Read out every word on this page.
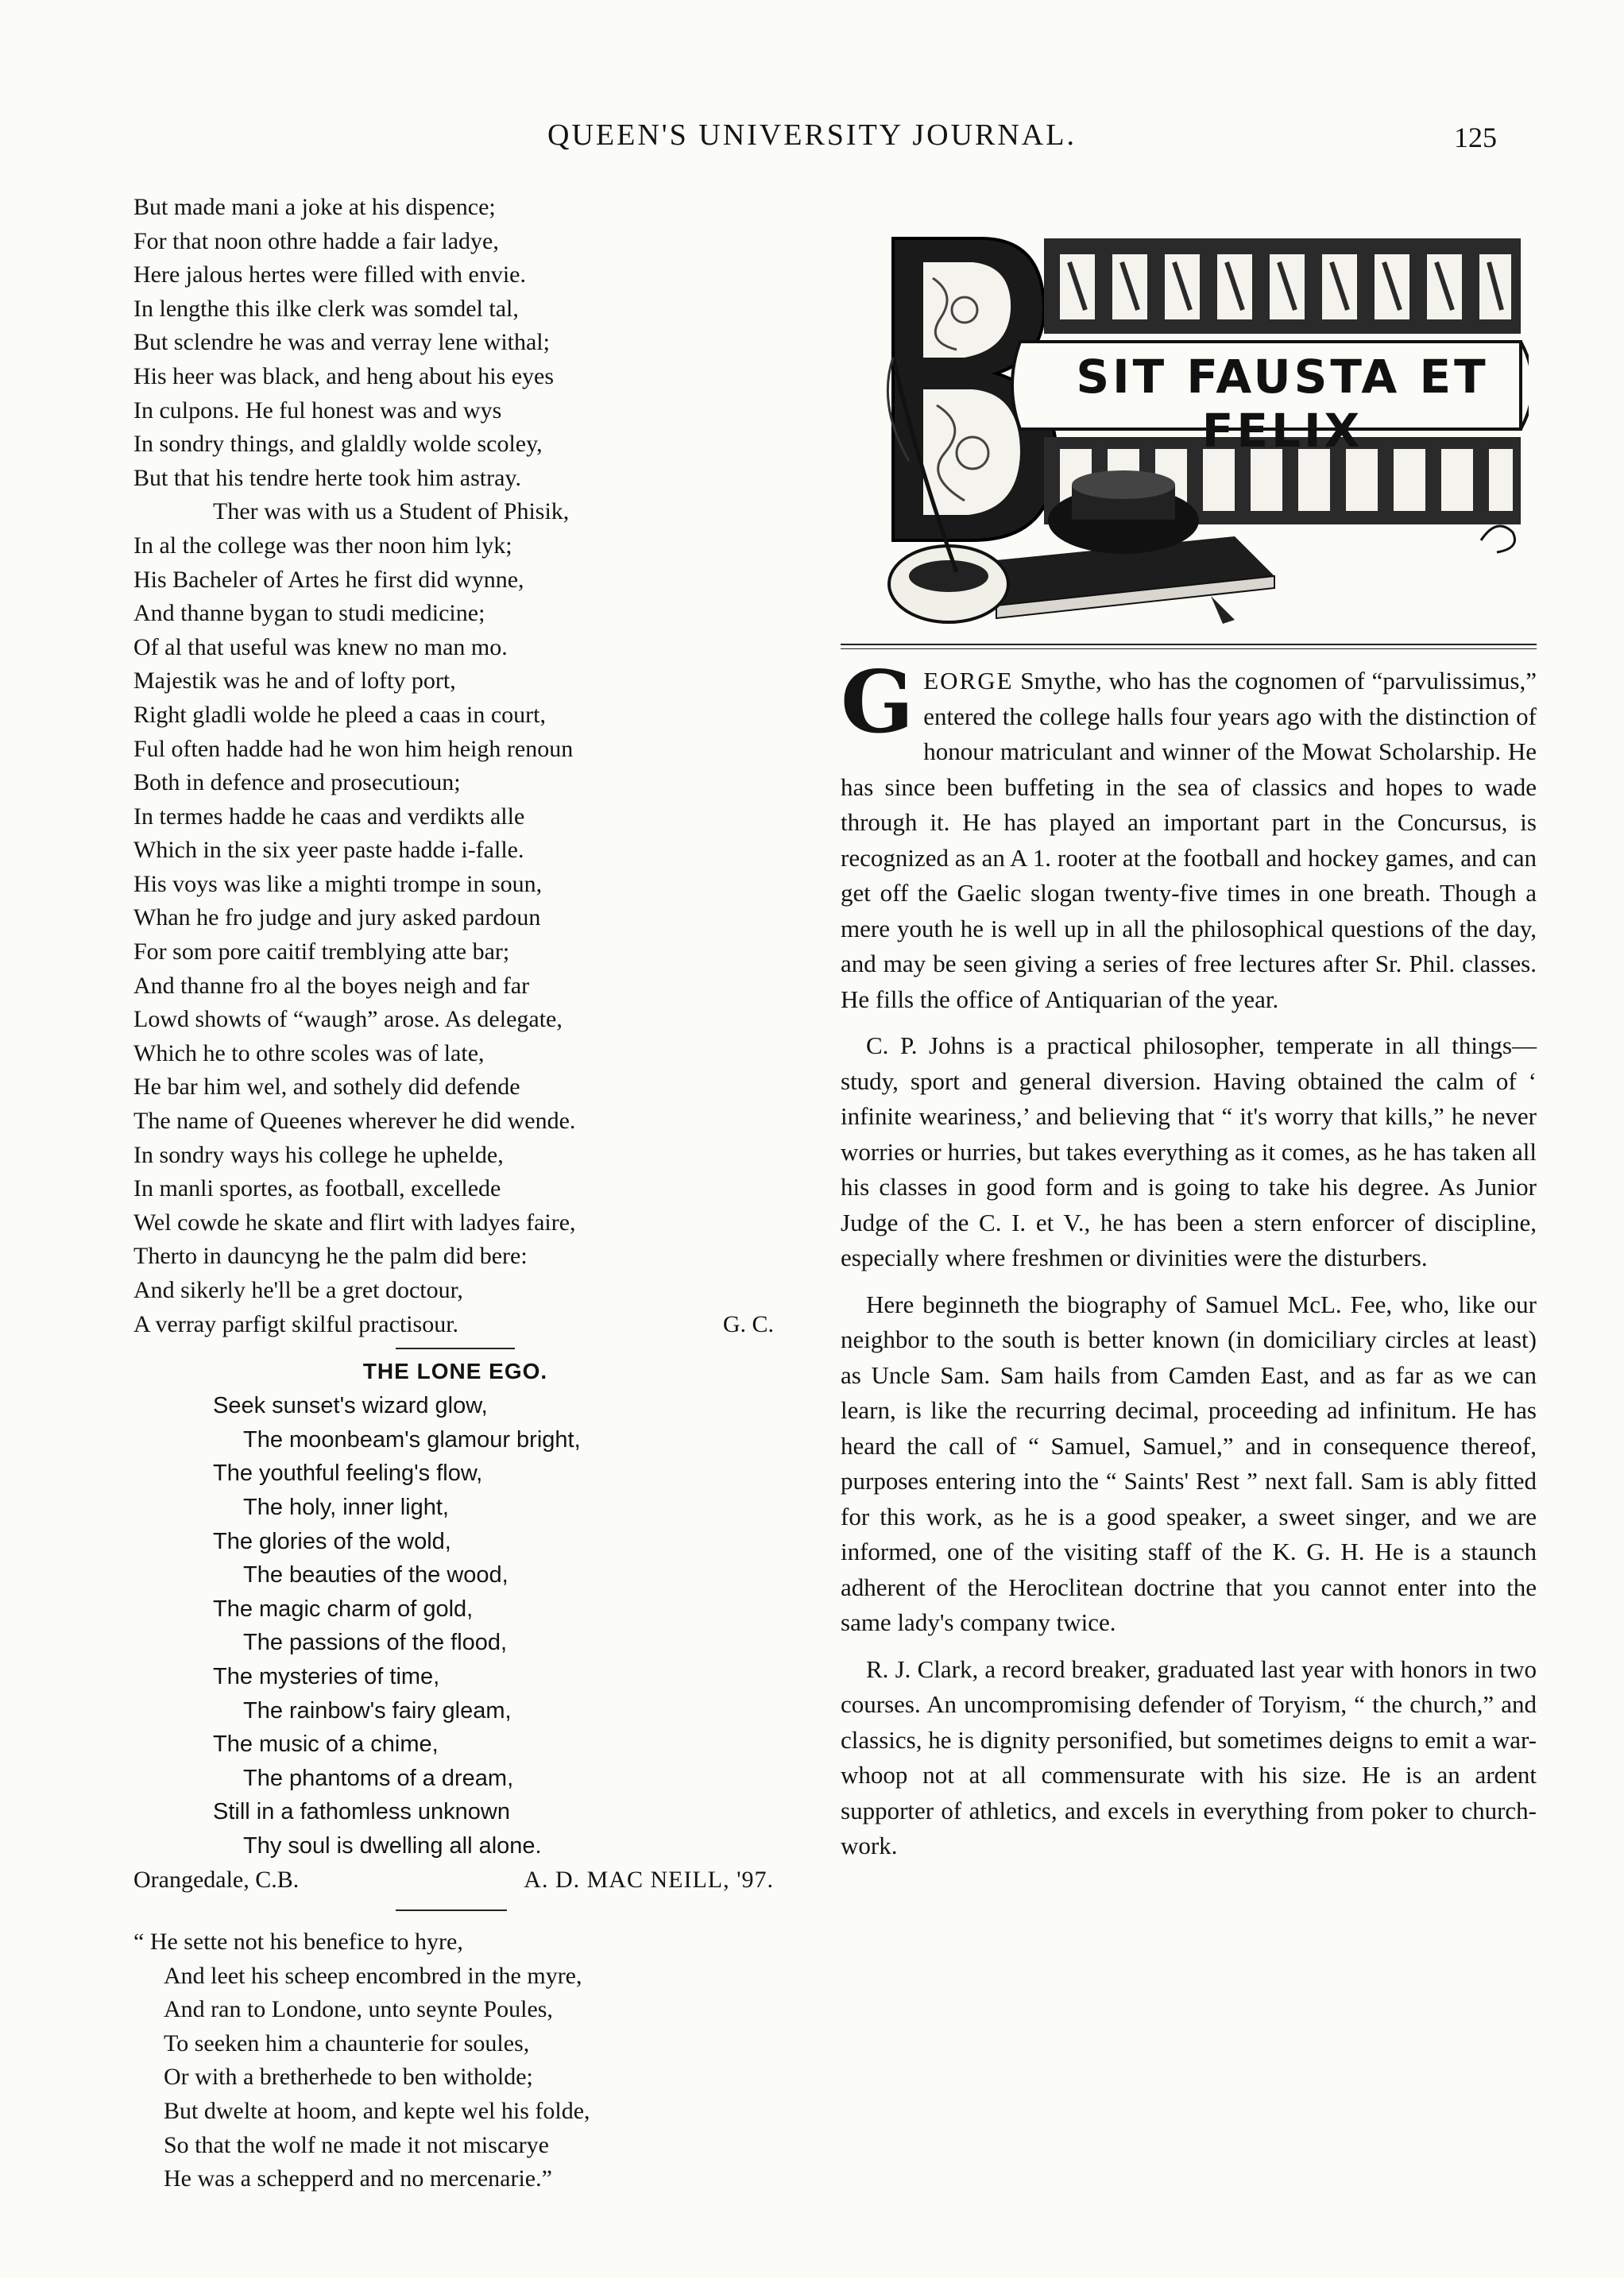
QUEEN'S UNIVERSITY JOURNAL.	125
But made mani a joke at his dispence;
For that noon othre hadde a fair ladye,
Here jalous hertes were filled with envie.
In lengthe this ilke clerk was somdel tal,
But sclendre he was and verray lene withal;
His heer was black, and heng about his eyes
In culpons. He ful honest was and wys
In sondry things, and glaldly wolde scoley,
But that his tendre herte took him astray.
Ther was with us a Student of Phisik,
In al the college was ther noon him lyk;
His Bacheler of Artes he first did wynne,
And thanne bygan to studi medicine;
Of al that useful was knew no man mo.
Majestik was he and of lofty port,
Right gladli wolde he pleed a caas in court,
Ful often hadde had he won him heigh renoun
Both in defence and prosecutioun;
In termes hadde he caas and verdikts alle
Which in the six yeer paste hadde i-falle.
His voys was like a mighti trompe in soun,
Whan he fro judge and jury asked pardoun
For som pore caitif tremblying atte bar;
And thanne fro al the boyes neigh and far
Lowd showts of “waugh” arose. As delegate,
Which he to othre scoles was of late,
He bar him wel, and sothely did defende
The name of Queenes wherever he did wende.
In sondry ways his college he uphelde,
In manli sportes, as football, excellede
Wel cowde he skate and flirt with ladyes faire,
Therto in dauncyng he the palm did bere:
And sikerly he'll be a gret doctour,
A verray parfigt skilful practisour.	G. C.
THE LONE EGO.
Seek sunset's wizard glow,
The moonbeam's glamour bright,
The youthful feeling's flow,
The holy, inner light,
The glories of the wold,
The beauties of the wood,
The magic charm of gold,
The passions of the flood,
The mysteries of time,
The rainbow's fairy gleam,
The music of a chime,
The phantoms of a dream,
Still in a fathomless unknown
Thy soul is dwelling all alone.
Orangedale, C.B.	A. D. MAC NEILL, '97.
“ He sette not his benefice to hyre,
And leet his scheep encombred in the myre,
And ran to Londone, unto seynte Poules,
To seeken him a chaunterie for soules,
Or with a bretherhede to ben witholde;
But dwelte at hoom, and kepte wel his folde,
So that the wolf ne made it not miscarye
He was a schepperd and no mercenarie.”
SIT FAUSTA ET FELIX

GEORGE Smythe, who has the cognomen of “parvulissimus,” entered the college halls four years ago with the distinction of honour matriculant and winner of the Mowat Scholarship. He has since been buffeting in the sea of classics and hopes to wade through it. He has played an important part in the Concursus, is recognized as an A 1. rooter at the football and hockey games, and can get off the Gaelic slogan twenty-five times in one breath. Though a mere youth he is well up in all the philosophical questions of the day, and may be seen giving a series of free lectures after Sr. Phil. classes. He fills the office of Antiquarian of the year.

C. P. Johns is a practical philosopher, temperate in all things—study, sport and general diversion. Having obtained the calm of ‘ infinite weariness,’ and believing that “ it's worry that kills,” he never worries or hurries, but takes everything as it comes, as he has taken all his classes in good form and is going to take his degree. As Junior Judge of the C. I. et V., he has been a stern enforcer of discipline, especially where freshmen or divinities were the disturbers.

Here beginneth the biography of Samuel McL. Fee, who, like our neighbor to the south is better known (in domiciliary circles at least) as Uncle Sam. Sam hails from Camden East, and as far as we can learn, is like the recurring decimal, proceeding ad infinitum. He has heard the call of “ Samuel, Samuel,” and in consequence thereof, purposes entering into the “ Saints' Rest ” next fall. Sam is ably fitted for this work, as he is a good speaker, a sweet singer, and we are informed, one of the visiting staff of the K. G. H. He is a staunch adherent of the Heroclitean doctrine that you cannot enter into the same lady's company twice.

R. J. Clark, a record breaker, graduated last year with honors in two courses. An uncompromising defender of Toryism, “ the church,” and classics, he is dignity personified, but sometimes deigns to emit a war-whoop not at all commensurate with his size. He is an ardent supporter of athletics, and excels in everything from poker to church-work.
